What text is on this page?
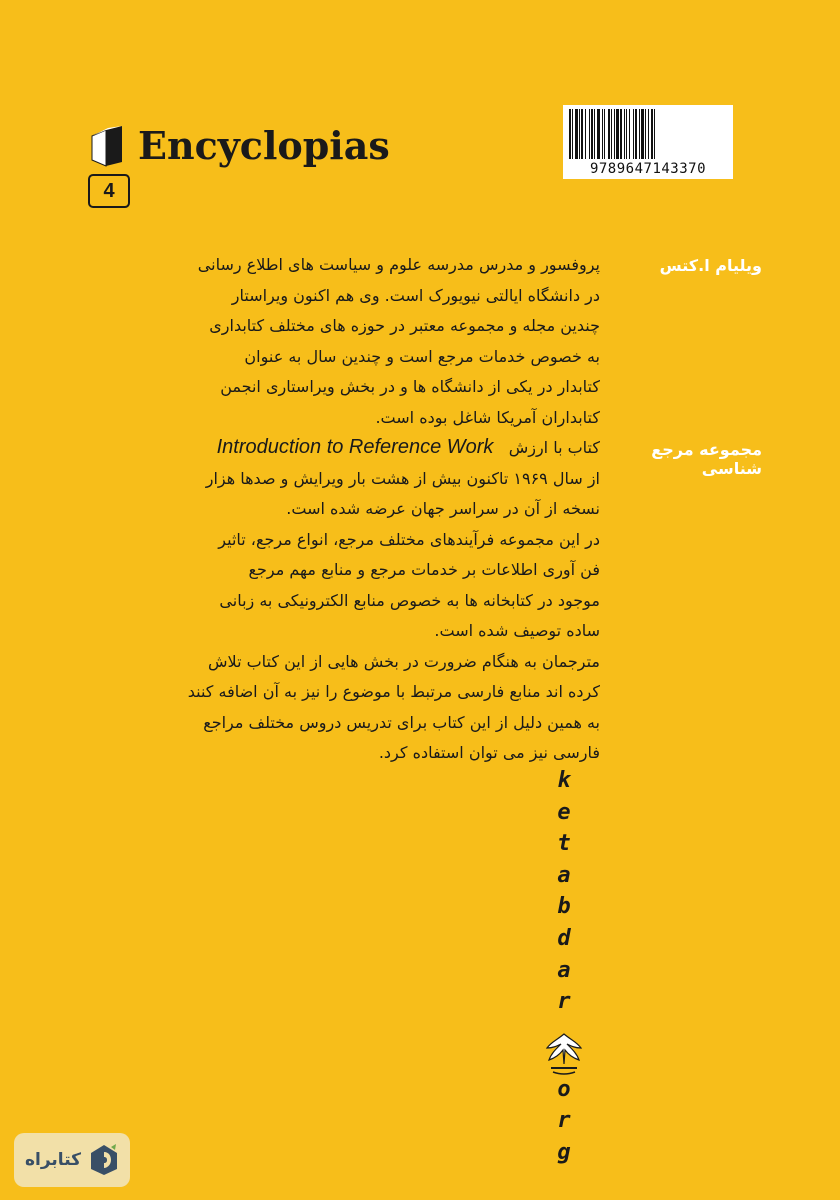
Encyclopias
4
9789647143370
ویلیام ا.کتس

پروفسور و مدرس مدرسه علوم و سیاست های اطلاع رسانی

در دانشگاه ایالتی نیویورک است. وی هم اکنون ویراستار

چندین مجله و مجموعه معتبر در حوزه های مختلف کتابداری

به خصوص خدمات مرجع است و چندین سال به عنوان

کتابدار در یکی از دانشگاه ها و در بخش ویراستاری انجمن

کتابداران آمریکا شاغل بوده است.

مجموعه مرجع شناسی

کتاب با ارزش   Introduction to Reference Work

از سال ۱۹۶۹ تاکنون بیش از هشت بار ویرایش و صدها هزار

نسخه از آن در سراسر جهان عرضه شده است.

در این مجموعه فرآیندهای مختلف مرجع، انواع مرجع، تاثیر

فن آوری اطلاعات بر خدمات مرجع و منابع مهم مرجع

موجود در کتابخانه ها به خصوص منابع الکترونیکی به زبانی

ساده توصیف شده است.

مترجمان به هنگام ضرورت در بخش هایی از این کتاب تلاش

کرده اند منابع فارسی مرتبط با موضوع را نیز به آن اضافه کنند

به همین دلیل از این کتاب برای تدریس دروس مختلف مراجع

فارسی نیز می توان استفاده کرد.

k
e
t
a
b
d
a
r
o
r
g
کتابراه
